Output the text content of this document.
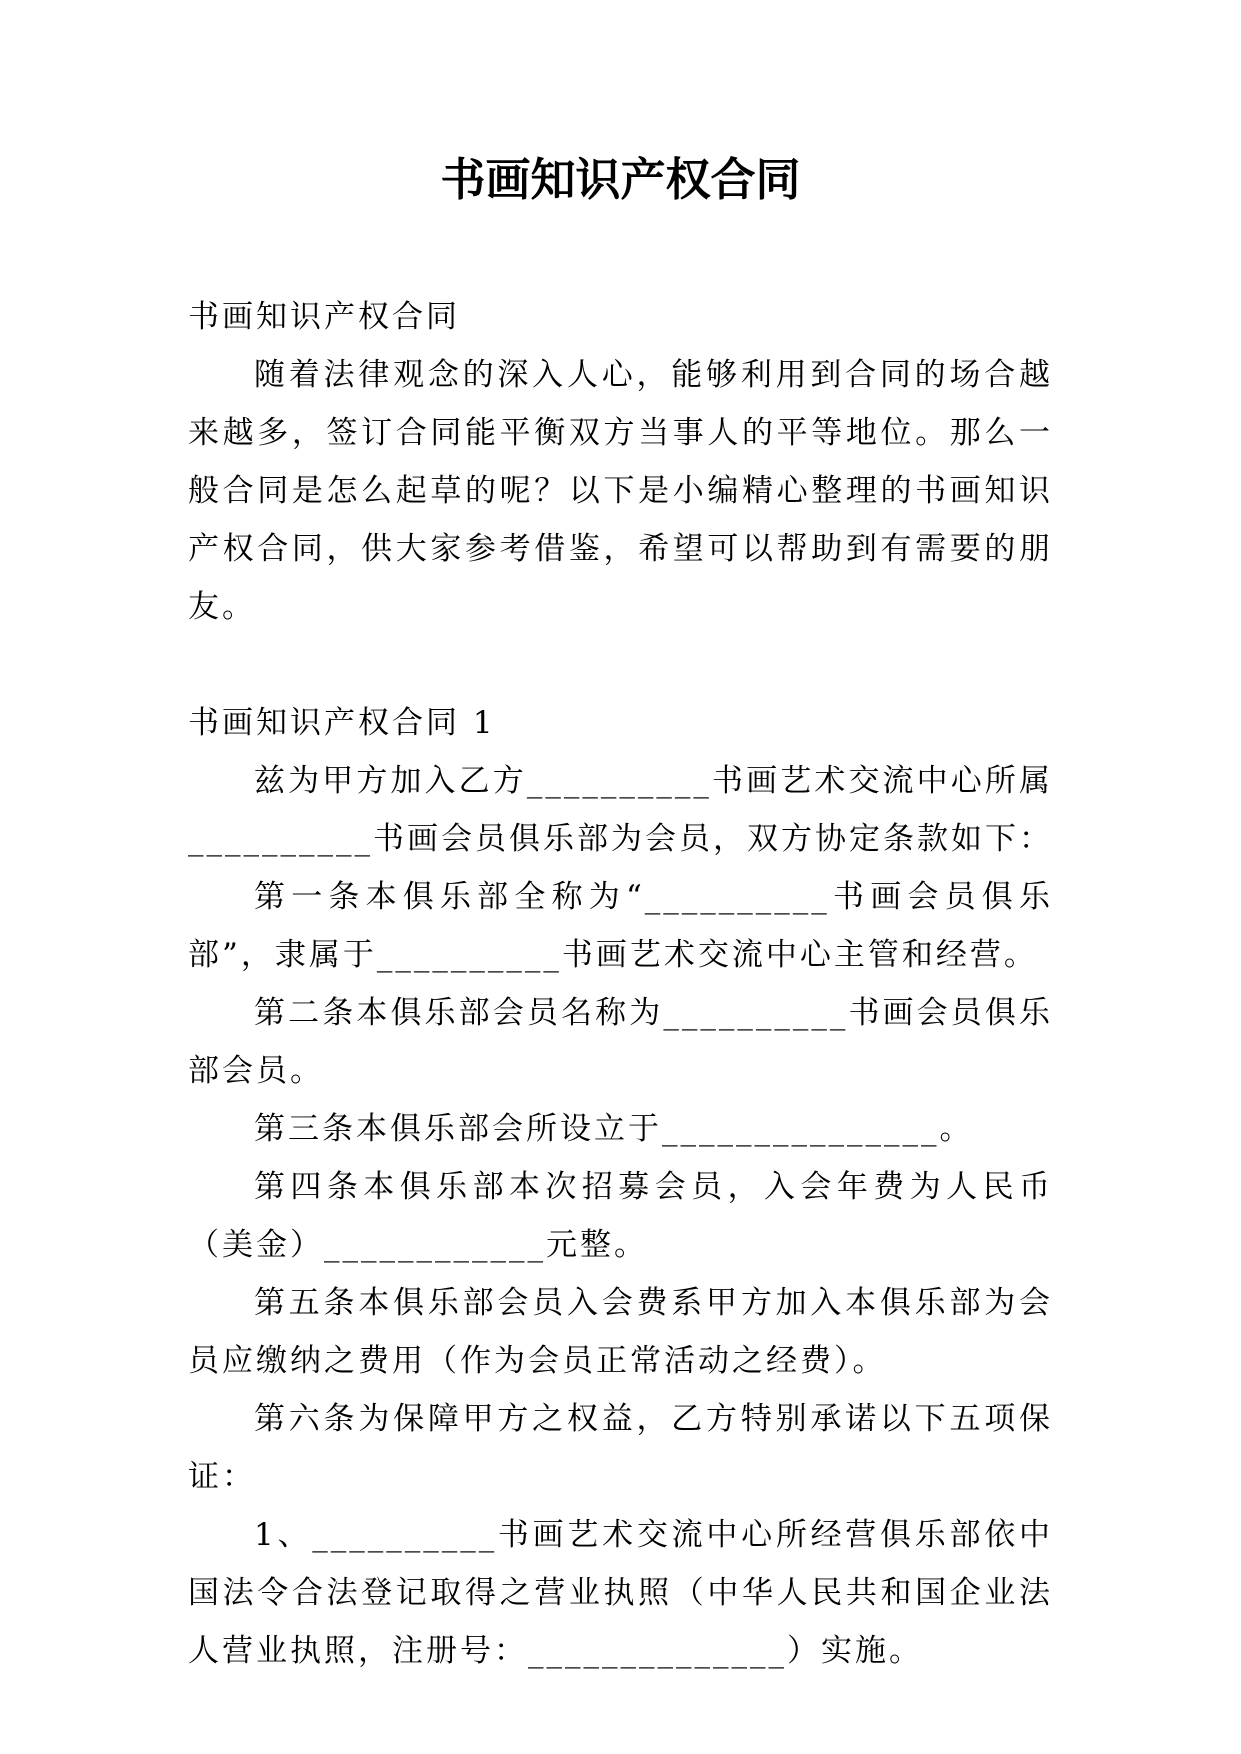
书画知识产权合同

书画知识产权合同

随着法律观念的深入人心，能够利用到合同的场合越来越多，签订合同能平衡双方当事人的平等地位。那么一般合同是怎么起草的呢？以下是小编精心整理的书画知识产权合同，供大家参考借鉴，希望可以帮助到有需要的朋友。

书画知识产权合同 1

兹为甲方加入乙方__________书画艺术交流中心所属__________书画会员俱乐部为会员，双方协定条款如下：

第一条本俱乐部全称为“__________书画会员俱乐部”，隶属于__________书画艺术交流中心主管和经营。

第二条本俱乐部会员名称为__________书画会员俱乐部会员。

第三条本俱乐部会所设立于_______________。

第四条本俱乐部本次招募会员，入会年费为人民币（美金）____________元整。

第五条本俱乐部会员入会费系甲方加入本俱乐部为会员应缴纳之费用（作为会员正常活动之经费）。

第六条为保障甲方之权益，乙方特别承诺以下五项保证：

1、__________书画艺术交流中心所经营俱乐部依中国法令合法登记取得之营业执照（中华人民共和国企业法人营业执照，注册号：______________）实施。
